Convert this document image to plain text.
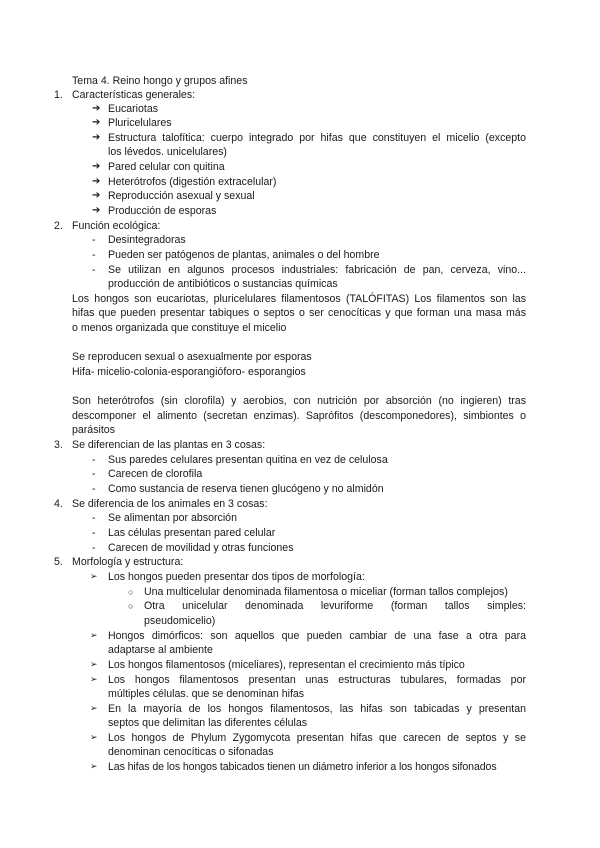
Tema 4. Reino hongo y grupos afines
1. Características generales:
➔ Eucariotas
➔ Pluricelulares
➔ Estructura talofítica: cuerpo integrado por hifas que constituyen el micelio (excepto
los lévedos. unicelulares)
➔ Pared celular con quitina
➔ Heterótrofos (digestión extracelular)
➔ Reproducción asexual y sexual
➔ Producción de esporas
2. Función ecológica:
- Desintegradoras
- Pueden ser patógenos de plantas, animales o del hombre
- Se utilizan en algunos procesos industriales: fabricación de pan, cerveza, vino...
producción de antibióticos o sustancias químicas
Los hongos son eucariotas, pluricelulares filamentosos (TALÓFITAS) Los filamentos son las
hifas que pueden presentar tabiques o septos o ser cenocíticas y que forman una masa más
o menos organizada que constituye el micelio
Se reproducen sexual o asexualmente por esporas
Hifa- micelio-colonia-esporangióforo- esporangios
Son heterótrofos (sin clorofila) y aerobios, con nutrición por absorción (no ingieren) tras
descomponer el alimento (secretan enzimas). Saprófitos (descomponedores), simbiontes o
parásitos
3. Se diferencian de las plantas en 3 cosas:
- Sus paredes celulares presentan quitina en vez de celulosa
- Carecen de clorofila
- Como sustancia de reserva tienen glucógeno y no almidón
4. Se diferencia de los animales en 3 cosas:
- Se alimentan por absorción
- Las células presentan pared celular
- Carecen de movilidad y otras funciones
5. Morfología y estructura:
➢ Los hongos pueden presentar dos tipos de morfología:
○ Una multicelular denominada filamentosa o miceliar (forman tallos complejos)
○ Otra unicelular denominada levuriforme (forman tallos simples:
pseudomicelio)
➢ Hongos dimórficos: son aquellos que pueden cambiar de una fase a otra para
adaptarse al ambiente
➢ Los hongos filamentosos (miceliares), representan el crecimiento más típico
➢ Los hongos filamentosos presentan unas estructuras tubulares, formadas por
múltiples células. que se denominan hifas
➢ En la mayoría de los hongos filamentosos, las hifas son tabicadas y presentan
septos que delimitan las diferentes células
➢ Los hongos de Phylum Zygomycota presentan hifas que carecen de septos y se
denominan cenocíticas o sifonadas
➢ Las hifas de los hongos tabicados tienen un diámetro inferior a los hongos sifonados
